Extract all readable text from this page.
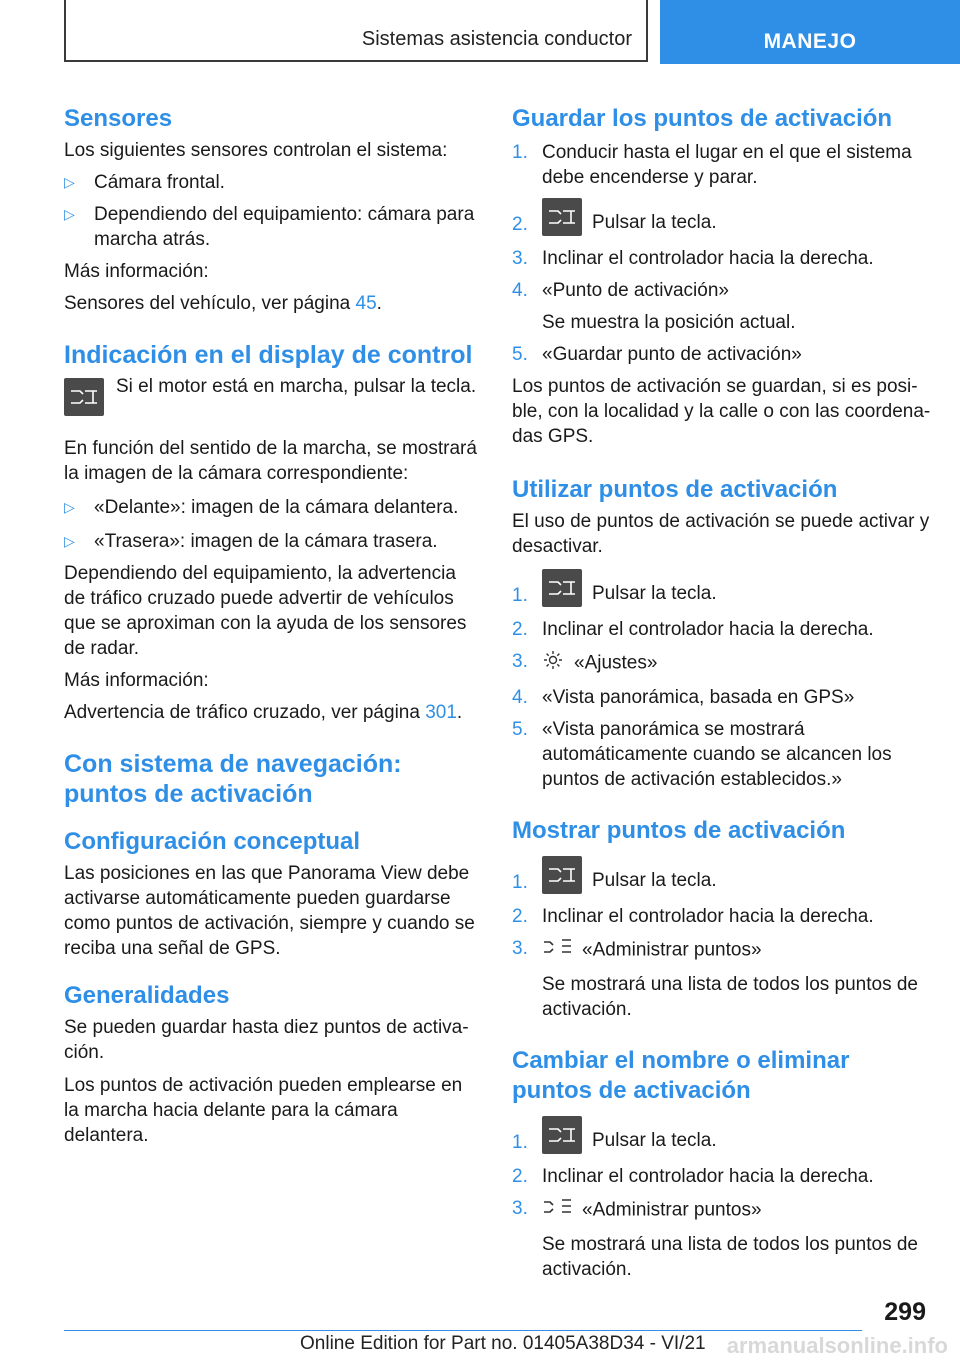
Sistemas asistencia conductor	MANEJO
Sensores

Los siguientes sensores controlan el sistema:

▷ Cámara frontal.
▷ Dependiendo del equipamiento: cámara para marcha atrás.

Más información:

Sensores del vehículo, ver página 45.

Indicación en el display de control
Si el motor está en marcha, pulsar la tecla.

En función del sentido de la marcha, se mostrará la imagen de la cámara correspondiente:

▷ «Delante»: imagen de la cámara delantera.
▷ «Trasera»: imagen de la cámara trasera.

Dependiendo del equipamiento, la advertencia de tráfico cruzado puede advertir de vehículos que se aproximan con la ayuda de los sensores de radar.

Más información:

Advertencia de tráfico cruzado, ver página 301.

Con sistema de navegación: puntos de activación
Configuración conceptual

Las posiciones en las que Panorama View debe activarse automáticamente pueden guardarse como puntos de activación, siempre y cuando se reciba una señal de GPS.

Generalidades

Se pueden guardar hasta diez puntos de activa‐ción.

Los puntos de activación pueden emplearse en la marcha hacia delante para la cámara delantera.

Guardar los puntos de activación
1. Conducir hasta el lugar en el que el sistema debe encenderse y parar.
2.	Pulsar la tecla.
3. Inclinar el controlador hacia la derecha.
4. «Punto de activación»
Se muestra la posición actual.
5. «Guardar punto de activación»

Los puntos de activación se guardan, si es posi‐ble, con la localidad y la calle o con las coordena‐das GPS.

Utilizar puntos de activación

El uso de puntos de activación se puede activar y desactivar.

1.	Pulsar la tecla.
2. Inclinar el controlador hacia la derecha.
3. «Ajustes»
4. «Vista panorámica, basada en GPS»
5. «Vista panorámica se mostrará automáticamente cuando se alcancen los puntos de activación establecidos.»
Mostrar puntos de activación
1.	Pulsar la tecla.
2. Inclinar el controlador hacia la derecha.
3.	«Administrar puntos»
Se mostrará una lista de todos los puntos de activación.
Cambiar el nombre o eliminar puntos de activación
1.	Pulsar la tecla.
2. Inclinar el controlador hacia la derecha.
3.	«Administrar puntos»
Se mostrará una lista de todos los puntos de activación.
299
Online Edition for Part no. 01405A38D34 - VI/21 armanualsonline.info
